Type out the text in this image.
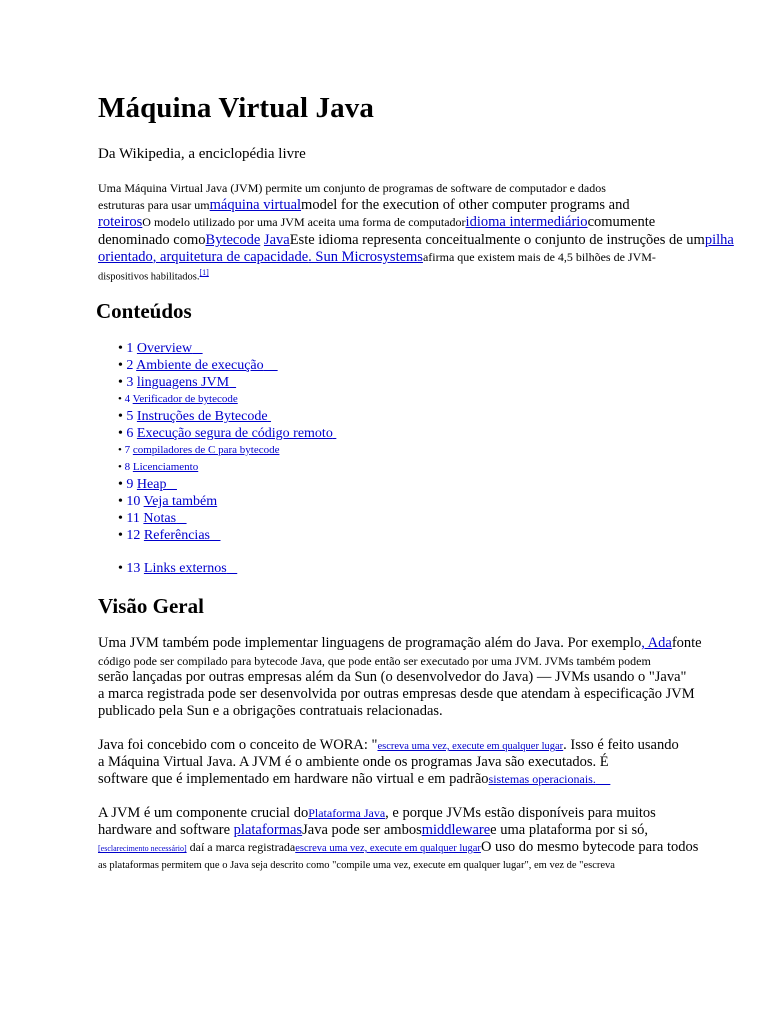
Máquina Virtual Java
Da Wikipedia, a enciclopédia livre
Uma Máquina Virtual Java (JVM) permite um conjunto de programas de software de computador e dados
estruturas para usar ummáquina virtualmodel for the execution of other computer programs and
roteirosO modelo utilizado por uma JVM aceita uma forma de computadoridioma intermediáriocomumente
denominado comoBytecode JavaEste idioma representa conceitualmente o conjunto de instruções de umpilha
orientado, arquitetura de capacidade. Sun Microsystemsafirma que existem mais de 4,5 bilhões de JVM-
dispositivos habilitados.[1]
Conteúdos
• 1 Overview
• 2 Ambiente de execução
• 3 linguagens JVM
• 4 Verificador de bytecode
• 5 Instruções de Bytecode
• 6 Execução segura de código remoto
• 7 compiladores de C para bytecode
• 8 Licenciamento
• 9 Heap
• 10 Veja também
• 11 Notas
• 12 Referências
• 13 Links externos
Visão Geral
Uma JVM também pode implementar linguagens de programação além do Java. Por exemplo, Adafonte
código pode ser compilado para bytecode Java, que pode então ser executado por uma JVM. JVMs também podem
serão lançadas por outras empresas além da Sun (o desenvolvedor do Java) — JVMs usando o "Java"
a marca registrada pode ser desenvolvida por outras empresas desde que atendam à especificação JVM
publicado pela Sun e a obrigações contratuais relacionadas.
Java foi concebido com o conceito de WORA: "escreva uma vez, execute em qualquer lugar. Isso é feito usando
a Máquina Virtual Java. A JVM é o ambiente onde os programas Java são executados. É
software que é implementado em hardware não virtual e em padrãosistemas operacionais.
A JVM é um componente crucial doPlataforma Java, e porque JVMs estão disponíveis para muitos
hardware and software plataformasJava pode ser ambosmiddlewaree uma plataforma por si só,
[esclarecimento necessário] daí a marca registradaescreva uma vez, execute em qualquer lugarO uso do mesmo bytecode para todos
as plataformas permitem que o Java seja descrito como "compile uma vez, execute em qualquer lugar", em vez de "escreva
